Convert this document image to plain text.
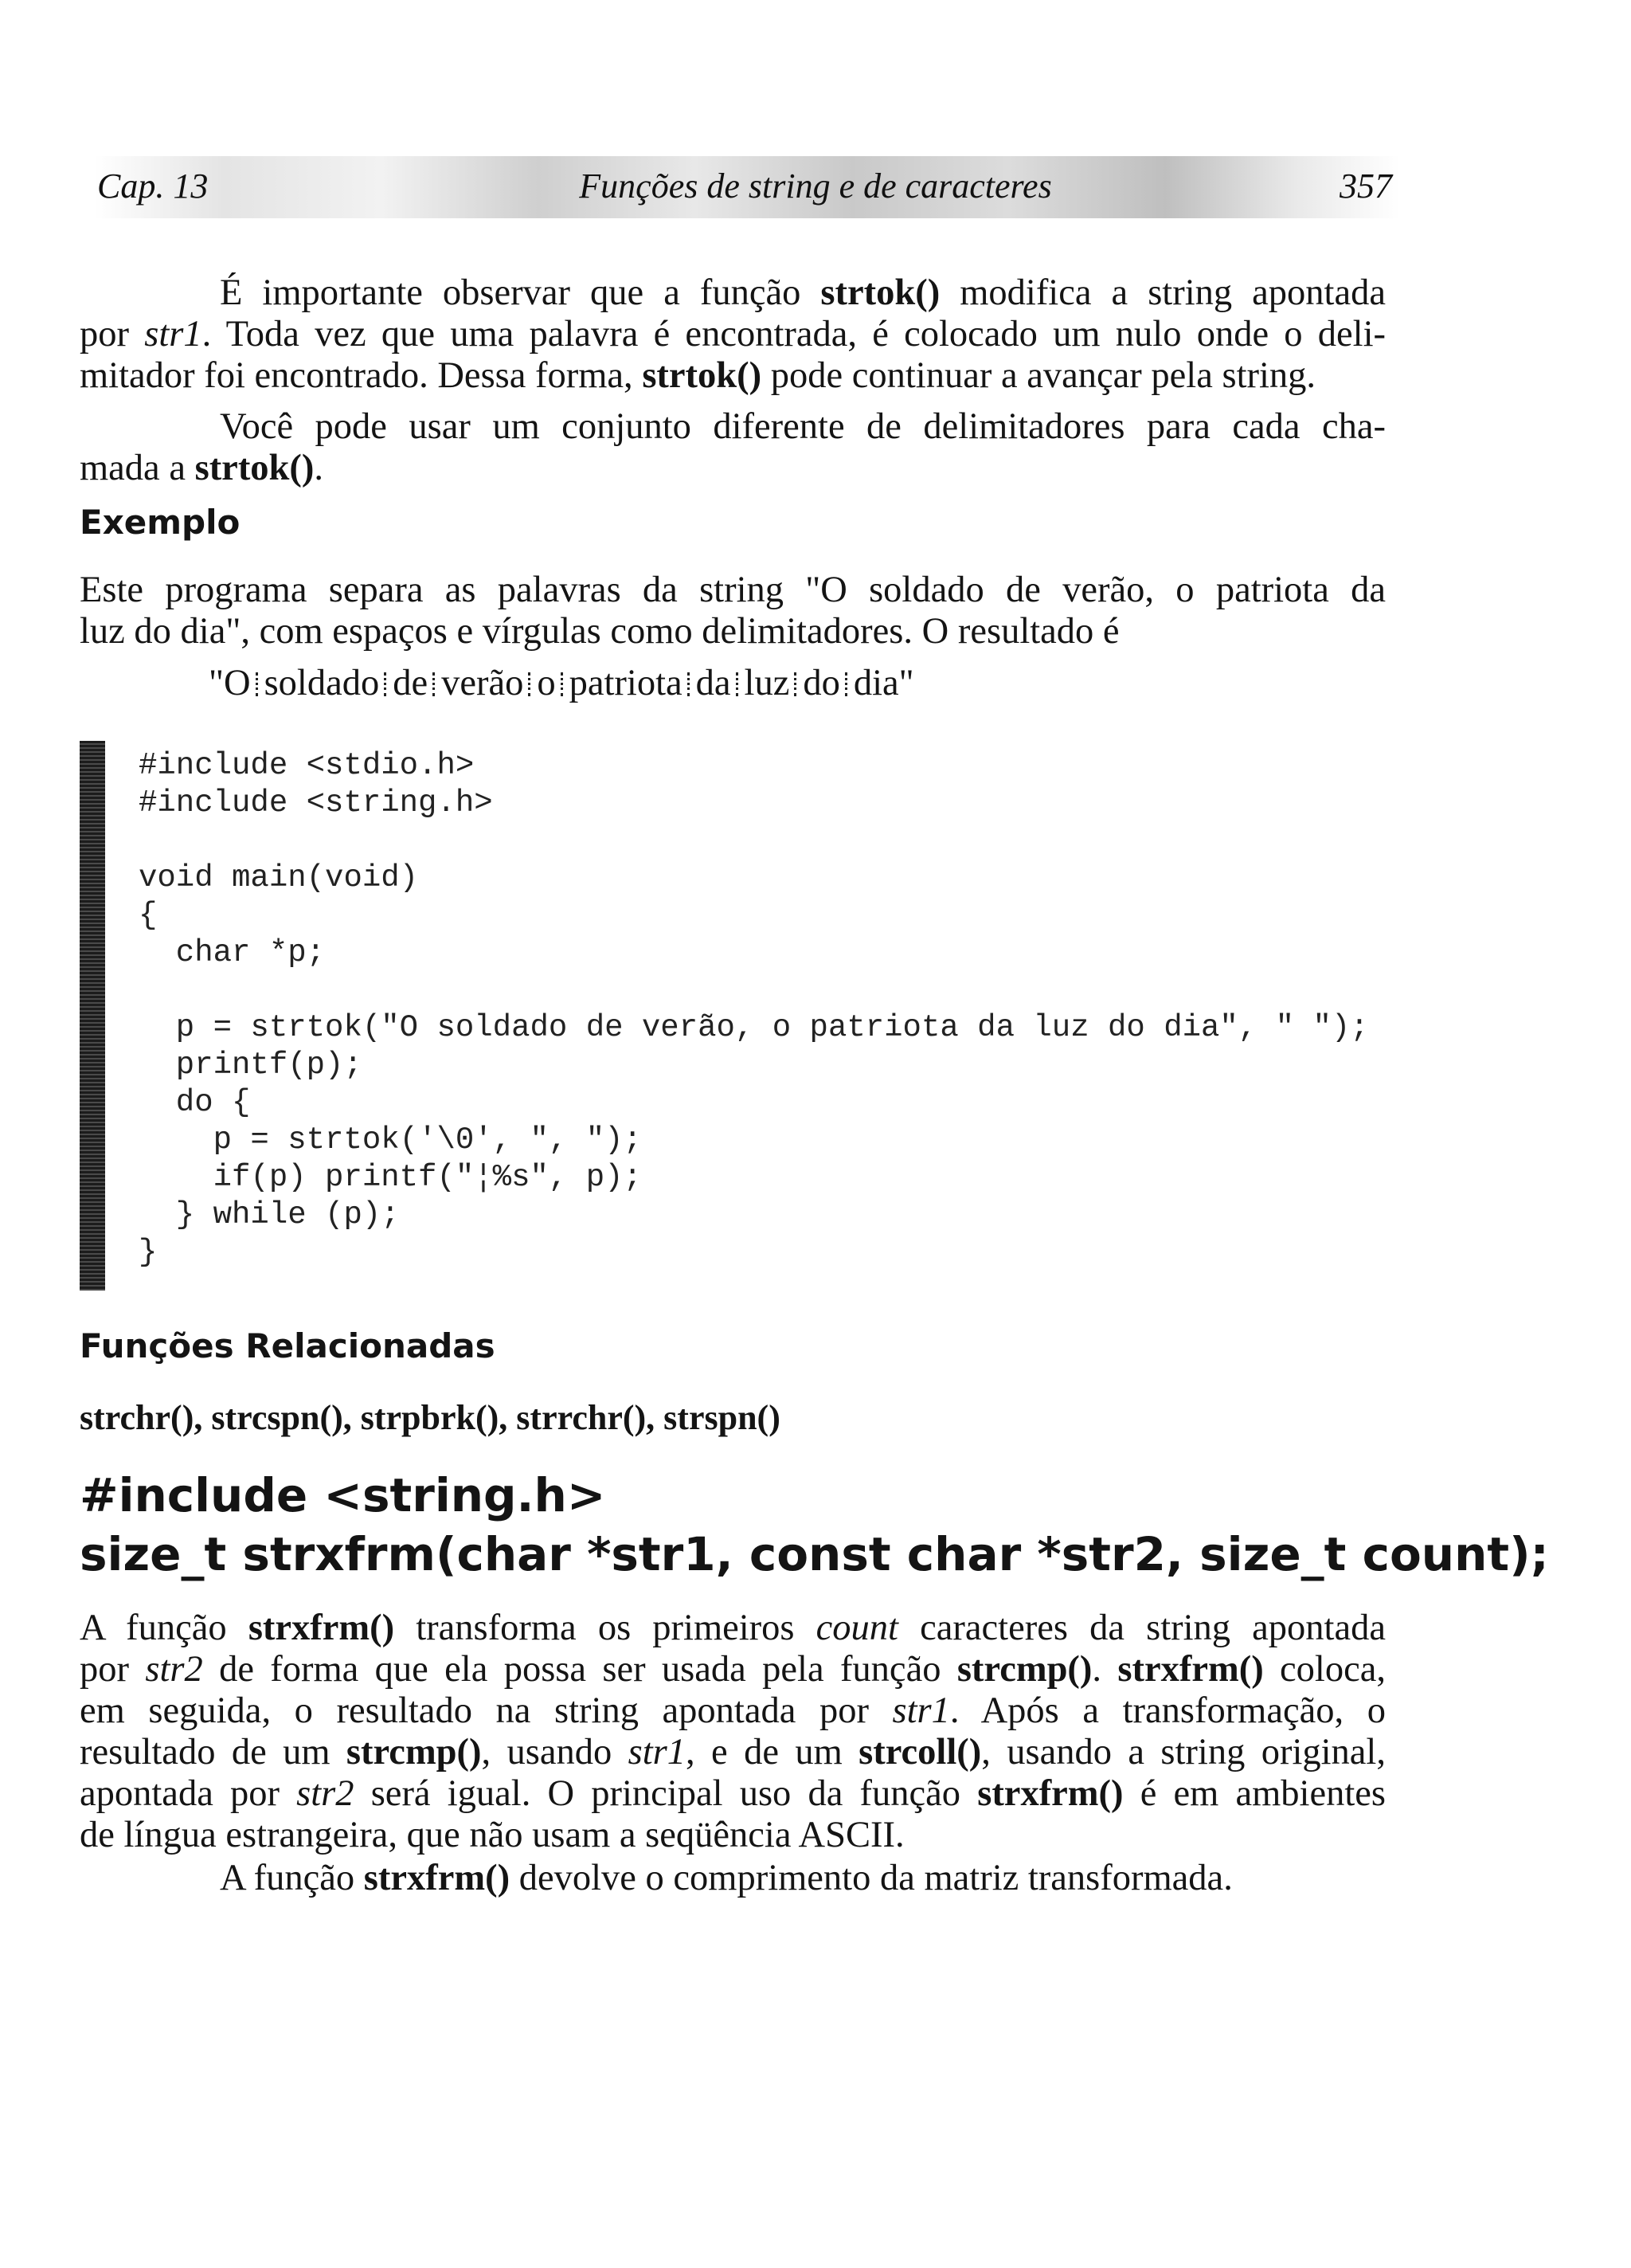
Cap. 13	Funções de string e de caracteres	357

É importante observar que a função strtok() modifica a string apontada
por str1. Toda vez que uma palavra é encontrada, é colocado um nulo onde o deli-
mitador foi encontrado. Dessa forma, strtok() pode continuar a avançar pela string.

Você pode usar um conjunto diferente de delimitadores para cada cha-
mada a strtok().

Exemplo

Este programa separa as palavras da string "O soldado de verão, o patriota da
luz do dia", com espaços e vírgulas como delimitadores. O resultado é

"O soldado de verão o patriota da luz do dia"
#include <stdio.h>
#include <string.h>

void main(void)
{
char *p;

p = strtok("O soldado de verão, o patriota da luz do dia", " ");
printf(p);
do {
p = strtok('\0', ", ");
if(p) printf("¦%s", p);
} while (p);
}
Funções Relacionadas
strchr(), strcspn(), strpbrk(), strrchr(), strspn()
#include <string.h>
size_t strxfrm(char *str1, const char *str2, size_t count);

A função strxfrm() transforma os primeiros count caracteres da string apontada
por str2 de forma que ela possa ser usada pela função strcmp(). strxfrm() coloca,
em seguida, o resultado na string apontada por str1. Após a transformação, o
resultado de um strcmp(), usando str1, e de um strcoll(), usando a string original,
apontada por str2 será igual. O principal uso da função strxfrm() é em ambientes
de língua estrangeira, que não usam a seqüência ASCII.

A função strxfrm() devolve o comprimento da matriz transformada.
